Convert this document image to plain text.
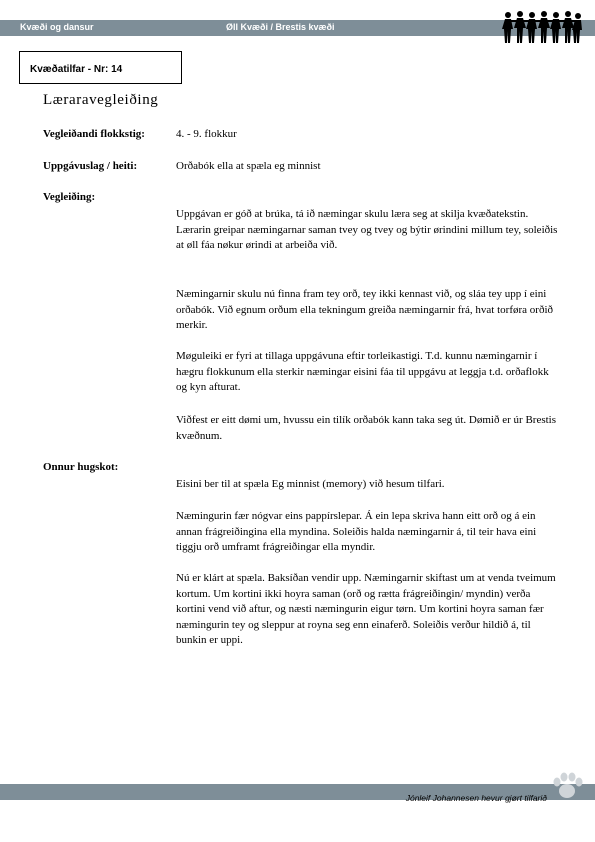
Kvæði og dansur	Øll Kvæði / Brestis kvæði
Kvæðatilfar - Nr: 14
Læraravegleiðing
Vegleiðandi flokkstig:	4. - 9. flokkur
Uppgávuslag / heiti:	Orðabók ella at spæla eg minnist
Vegleiðing:

Uppgávan er góð at brúka, tá ið næmingar skulu læra seg at skilja kvæðatekstin.
Lærarin greipar næmingarnar saman tvey og tvey og býtir ørindini millum tey, soleiðis at øll fáa nøkur ørindi at arbeiða við.

Næmingarnir skulu nú finna fram tey orð, tey ikki kennast við, og sláa tey upp í eini orðabók. Við egnum orðum ella tekningum greiða næmingarnir frá, hvat torføra orðið merkir.

Møguleiki er fyri at tillaga uppgávuna eftir torleikastigi. T.d. kunnu næmingarnir í hægru flokkunum ella sterkir næmingar eisini fáa til uppgávu at leggja t.d. orðaflokk og kyn afturat.

Viðfest er eitt dømi um, hvussu ein tilík orðabók kann taka seg út. Dømið er úr Brestis kvæðnum.

Onnur hugskot:

Eisini ber til at spæla Eg minnist (memory) við hesum tilfari.

Næmingurin fær nógvar eins pappírslepar. Á ein lepa skriva hann eitt orð og á ein annan frágreiðingina ella myndina. Soleiðis halda næmingarnir á, til teir hava eini tiggju orð umframt frágreiðingar ella myndir.

Nú er klárt at spæla. Baksíðan vendir upp. Næmingarnir skiftast um at venda tveimum kortum. Um kortini ikki hoyra saman (orð og rætta frágreiðingin/ myndin) verða kortini vend við aftur, og næsti næmingurin eigur tørn. Um kortini hoyra saman fær næmingurin tey og sleppur at royna seg enn einaferð. Soleiðis verður hildið á, til bunkin er uppi.

Jónleif Johannesen hevur gjørt tilfarið
